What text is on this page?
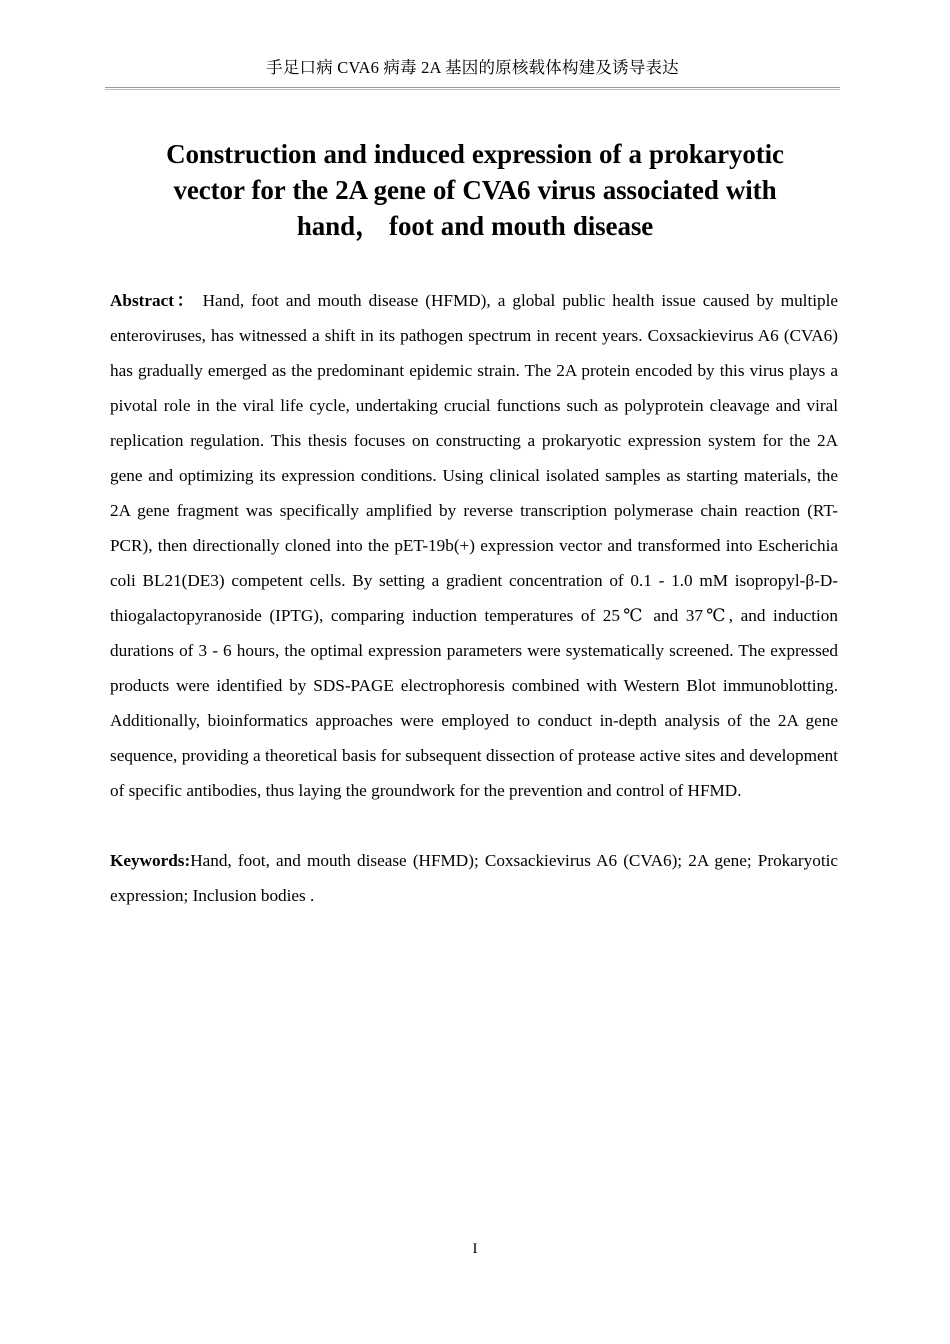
手足口病 CVA6 病毒 2A 基因的原核载体构建及诱导表达
Construction and induced expression of a prokaryotic vector for the 2A gene of CVA6 virus associated with hand， foot and mouth disease

Abstract： Hand, foot and mouth disease (HFMD), a global public health issue caused by multiple enteroviruses, has witnessed a shift in its pathogen spectrum in recent years. Coxsackievirus A6 (CVA6) has gradually emerged as the predominant epidemic strain. The 2A protein encoded by this virus plays a pivotal role in the viral life cycle, undertaking crucial functions such as polyprotein cleavage and viral replication regulation. This thesis focuses on constructing a prokaryotic expression system for the 2A gene and optimizing its expression conditions. Using clinical isolated samples as starting materials, the 2A gene fragment was specifically amplified by reverse transcription polymerase chain reaction (RT-PCR), then directionally cloned into the pET-19b(+) expression vector and transformed into Escherichia coli BL21(DE3) competent cells. By setting a gradient concentration of 0.1 - 1.0 mM isopropyl-β-D-thiogalactopyranoside (IPTG), comparing induction temperatures of 25℃ and 37℃, and induction durations of 3 - 6 hours, the optimal expression parameters were systematically screened. The expressed products were identified by SDS-PAGE electrophoresis combined with Western Blot immunoblotting. Additionally, bioinformatics approaches were employed to conduct in-depth analysis of the 2A gene sequence, providing a theoretical basis for subsequent dissection of protease active sites and development of specific antibodies, thus laying the groundwork for the prevention and control of HFMD.

Keywords:Hand, foot, and mouth disease (HFMD); Coxsackievirus A6 (CVA6); 2A gene; Prokaryotic expression; Inclusion bodies .

I
